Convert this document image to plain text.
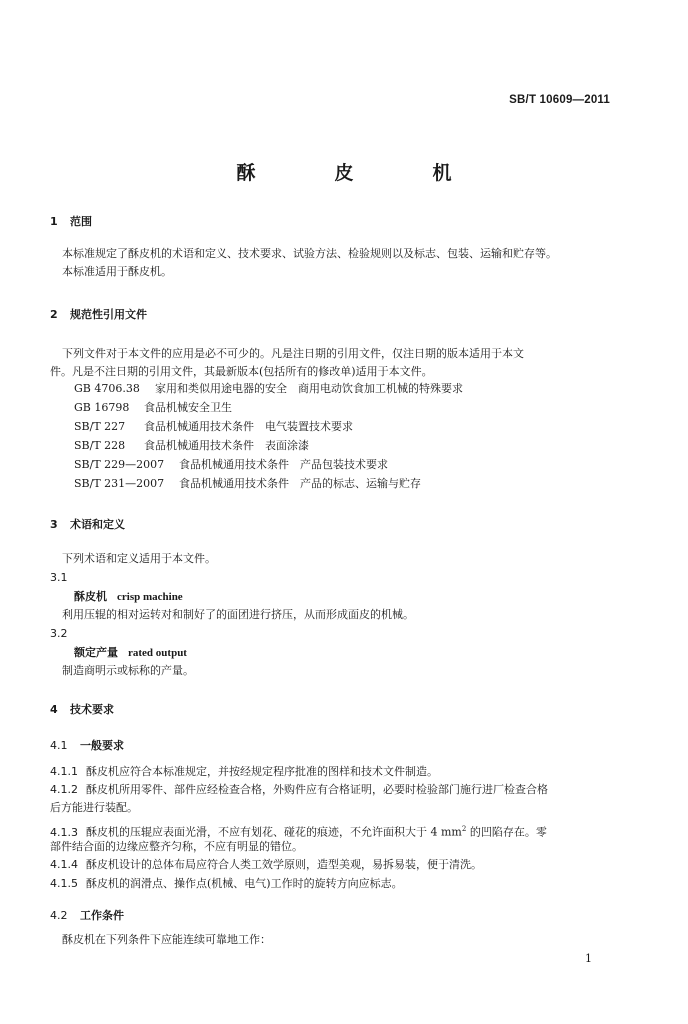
SB/T 10609—2011
酥　皮　机
1 范围
本标准规定了酥皮机的术语和定义、技术要求、试验方法、检验规则以及标志、包装、运输和贮存等。
本标准适用于酥皮机。
2 规范性引用文件
下列文件对于本文件的应用是必不可少的。凡是注日期的引用文件，仅注日期的版本适用于本文
件。凡是不注日期的引用文件，其最新版本(包括所有的修改单)适用于本文件。
GB 4706.38　 家用和类似用途电器的安全　商用电动饮食加工机械的特殊要求
GB 16798 食品机械安全卫生
SB/T 227 食品机械通用技术条件　电气装置技术要求
SB/T 228 食品机械通用技术条件　表面涂漆
SB/T 229—2007 食品机械通用技术条件　产品包装技术要求
SB/T 231—2007 食品机械通用技术条件　产品的标志、运输与贮存
3 术语和定义
下列术语和定义适用于本文件。
3.1
酥皮机 crisp machine
利用压辊的相对运转对和制好了的面团进行挤压，从而形成面皮的机械。
3.2
额定产量 rated output
制造商明示或标称的产量。
4 技术要求
4.1 一般要求
4.1.1 酥皮机应符合本标准规定，并按经规定程序批准的图样和技术文件制造。
4.1.2 酥皮机所用零件、部件应经检查合格，外购件应有合格证明，必要时检验部门施行进厂检查合格
后方能进行装配。
4.1.3 酥皮机的压辊应表面光滑，不应有划花、碰花的痕迹，不允许面积大于 4 $mm^2$ 的凹陷存在。零
部件结合面的边缘应整齐匀称，不应有明显的错位。
4.1.4 酥皮机设计的总体布局应符合人类工效学原则，造型美观，易拆易装，便于清洗。
4.1.5 酥皮机的润滑点、操作点(机械、电气)工作时的旋转方向应标志。
4.2 工作条件
酥皮机在下列条件下应能连续可靠地工作：
1
